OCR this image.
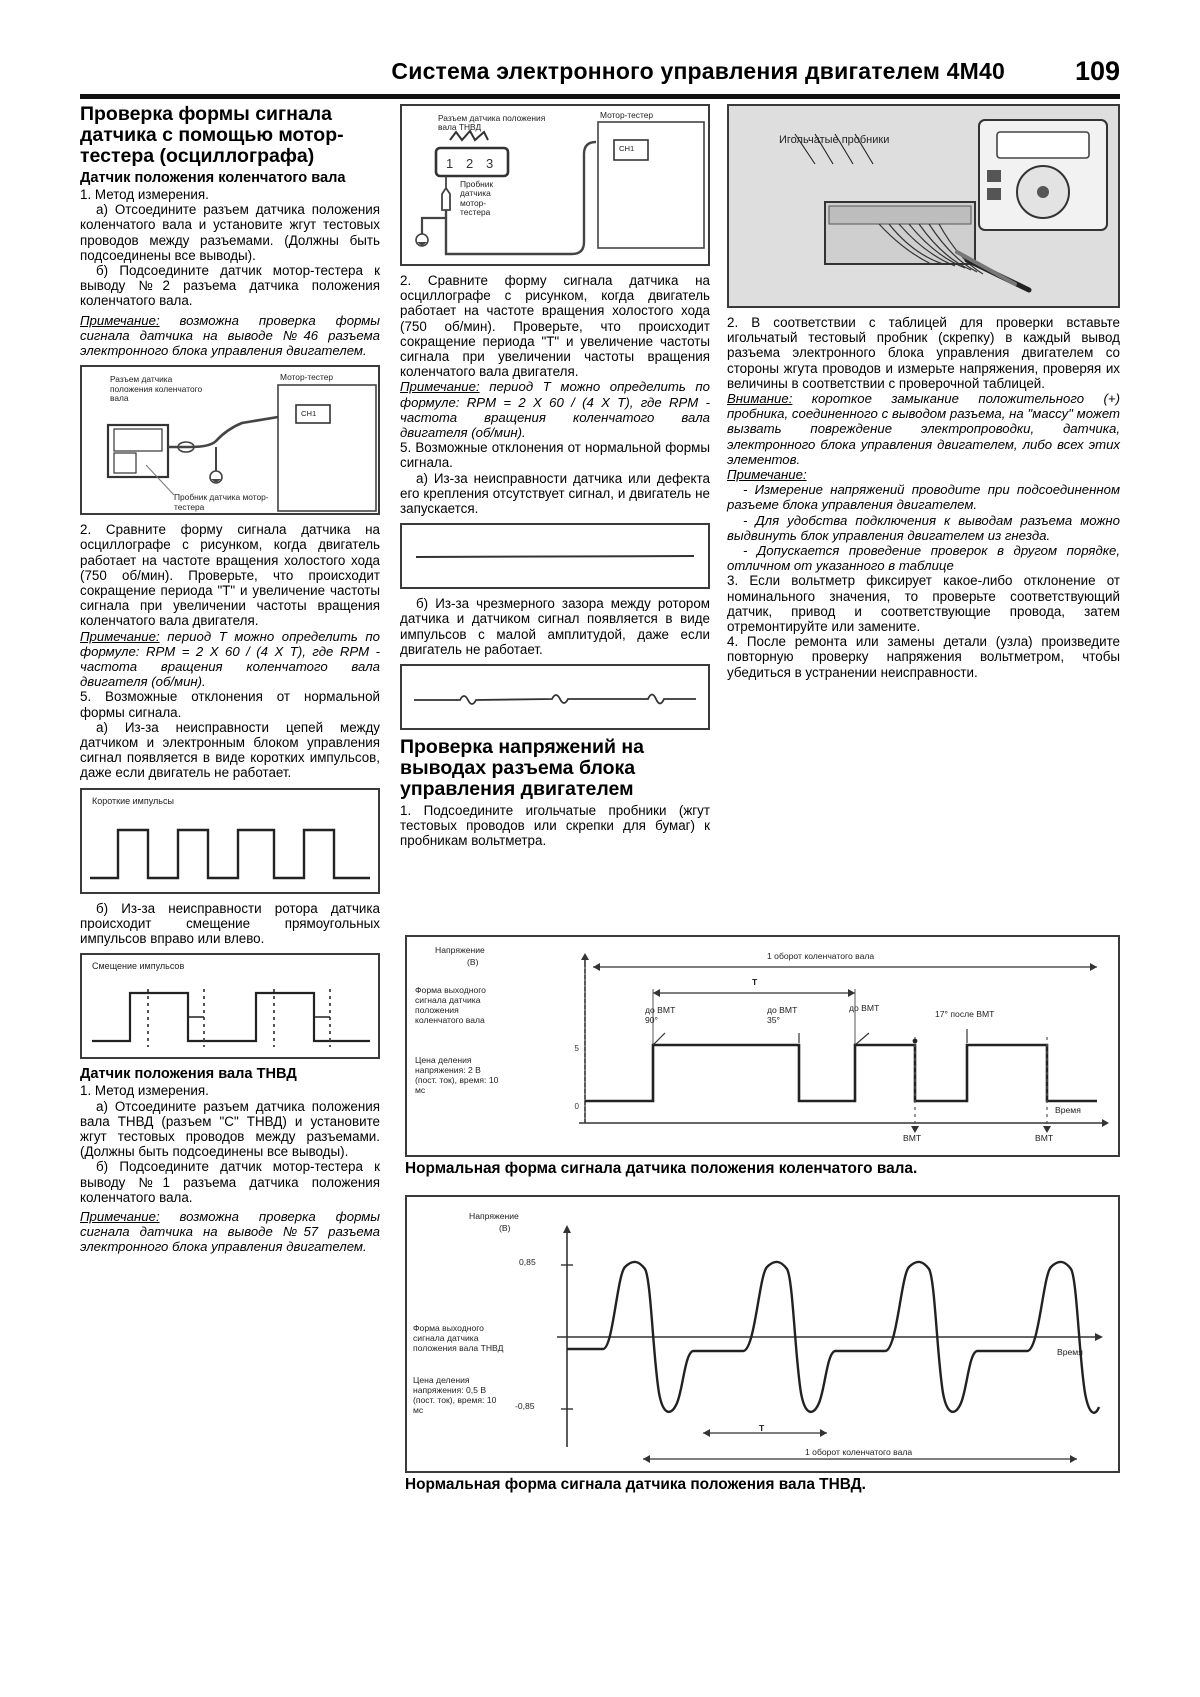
Система электронного управления двигателем 4M40	109
Проверка формы сигнала датчика с помощью мотор-тестера (осциллографа)
Датчик положения коленчатого вала

1. Метод измерения.

а) Отсоедините разъем датчика положения коленчатого вала и установите жгут тестовых проводов между разъемами. (Должны быть подсоединены все выводы).

б) Подсоедините датчик мотор-тестера к выводу №2 разъема датчика положения коленчатого вала.

Примечание: возможна проверка формы сигнала датчика на выводе №46 разъема электронного блока управления двигателем.

Разъем датчика положения коленчатого вала
Мотор-тестер
CH1
Пробник датчика мотор-тестера

2. Сравните форму сигнала датчика на осциллографе с рисунком, когда двигатель работает на частоте вращения холостого хода (750 об/мин). Проверьте, что происходит сокращение периода "Т" и увеличение частоты сигнала при увеличении частоты вращения коленчатого вала двигателя.

Примечание: период Т можно определить по формуле: RPM = 2 X 60 / (4 X T), где RPM - частота вращения коленчатого вала двигателя (об/мин).

5. Возможные отклонения от нормальной формы сигнала.

а) Из-за неисправности цепей между датчиком и электронным блоком управления сигнал появляется в виде коротких импульсов, даже если двигатель не работает.

Короткие импульсы

б) Из-за неисправности ротора датчика происходит смещение прямоугольных импульсов вправо или влево.

Смещение импульсов
Датчик положения вала ТНВД

1. Метод измерения.

а) Отсоедините разъем датчика положения вала ТНВД (разъем "С" ТНВД) и установите жгут тестовых проводов между разъемами. (Должны быть подсоединены все выводы).

б) Подсоедините датчик мотор-тестера к выводу №1 разъема датчика положения коленчатого вала.

Примечание: возможна проверка формы сигнала датчика на выводе №57 разъема электронного блока управления двигателем.

1 2 3
Разъем датчика положения вала ТНВД
Мотор-тестер
CH1
Пробник датчика мотор-тестера

2. Сравните форму сигнала датчика на осциллографе с рисунком, когда двигатель работает на частоте вращения холостого хода (750 об/мин). Проверьте, что происходит сокращение периода "Т" и увеличение частоты сигнала при увеличении частоты вращения коленчатого вала двигателя.

Примечание: период Т можно определить по формуле: RPM = 2 X 60 / (4 X T), где RPM - частота вращения коленчатого вала двигателя (об/мин).

5. Возможные отклонения от нормальной формы сигнала.

а) Из-за неисправности датчика или дефекта его крепления отсутствует сигнал, и двигатель не запускается.

б) Из-за чрезмерного зазора между ротором датчика и датчиком сигнал появляется в виде импульсов с малой амплитудой, даже если двигатель не работает.

Проверка напряжений на выводах разъема блока управления двигателем

1. Подсоедините игольчатые пробники (жгут тестовых проводов или скрепки для бумаг) к пробникам вольтметра.

Игольчатые пробники

2. В соответствии с таблицей для проверки вставьте игольчатый тестовый пробник (скрепку) в каждый вывод разъема электронного блока управления двигателем со стороны жгута проводов и измерьте напряжения, проверяя их величины в соответствии с проверочной таблицей.

Внимание: короткое замыкание положительного (+) пробника, соединенного с выводом разъема, на "массу" может вызвать повреждение электропроводки, датчика, электронного блока управления двигателем, либо всех этих элементов.

Примечание:

- Измерение напряжений проводите при подсоединенном разъеме блока управления двигателем.

- Для удобства подключения к выводам разъема можно выдвинуть блок управления двигателем из гнезда.

- Допускается проведение проверок в другом порядке, отличном от указанного в таблице

3. Если вольтметр фиксирует какое-либо отклонение от номинального значения, то проверьте соответствующий датчик, привод и соответствующие провода, затем отремонтируйте или замените.

4. После ремонта или замены детали (узла) произведите повторную проверку напряжения вольтметром, чтобы убедиться в устранении неисправности.

0
5
Напряжение
(В)
Форма выходного сигнала датчика положения коленчатого вала
Цена деления напряжения: 2 В (пост. ток), время: 10 мс
1 оборот коленчатого вала
T
до ВМТ 90°
до ВМТ 35°
до ВМТ
17° после ВМТ
ВМТ	ВМТ
Время
Нормальная форма сигнала датчика положения коленчатого вала.
Напряжение
(В)
0,85
-0,85
Форма выходного сигнала датчика положения вала ТНВД
Цена деления напряжения: 0,5 В (пост. ток), время: 10 мс
T
1 оборот коленчатого вала
Время
Нормальная форма сигнала датчика положения вала ТНВД.
